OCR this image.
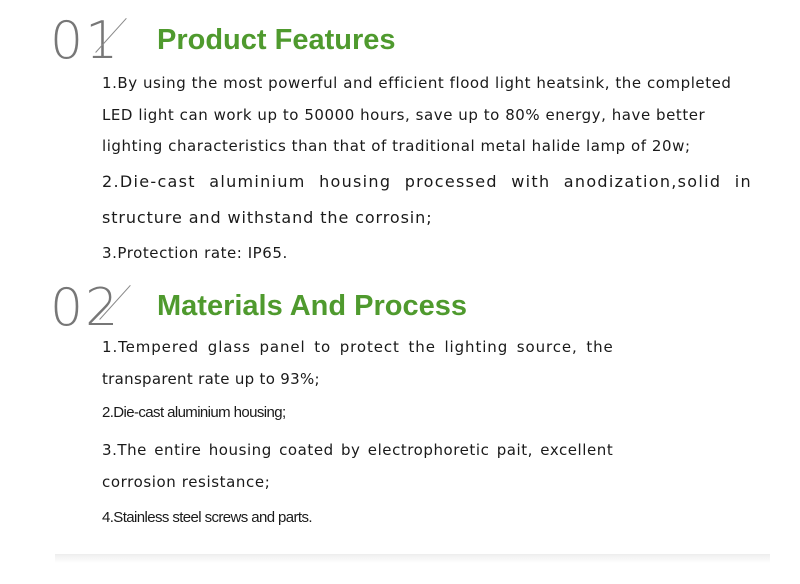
01 Product Features

1.By using the most powerful and efficient flood light heatsink, the completed

LED light can work up to 50000 hours, save up to 80% energy, have better

lighting characteristics than that of traditional metal halide lamp of 20w;

2.Die-cast aluminium housing processed with anodization,solid in

structure and withstand the corrosin;

3.Protection rate: IP65.

02 Materials And Process

1.Tempered glass panel to protect the lighting source, the

transparent rate up to 93%;

2.Die-cast aluminium housing;

3.The entire housing coated by electrophoretic pait, excellent

corrosion resistance;

4.Stainless steel screws and parts.
